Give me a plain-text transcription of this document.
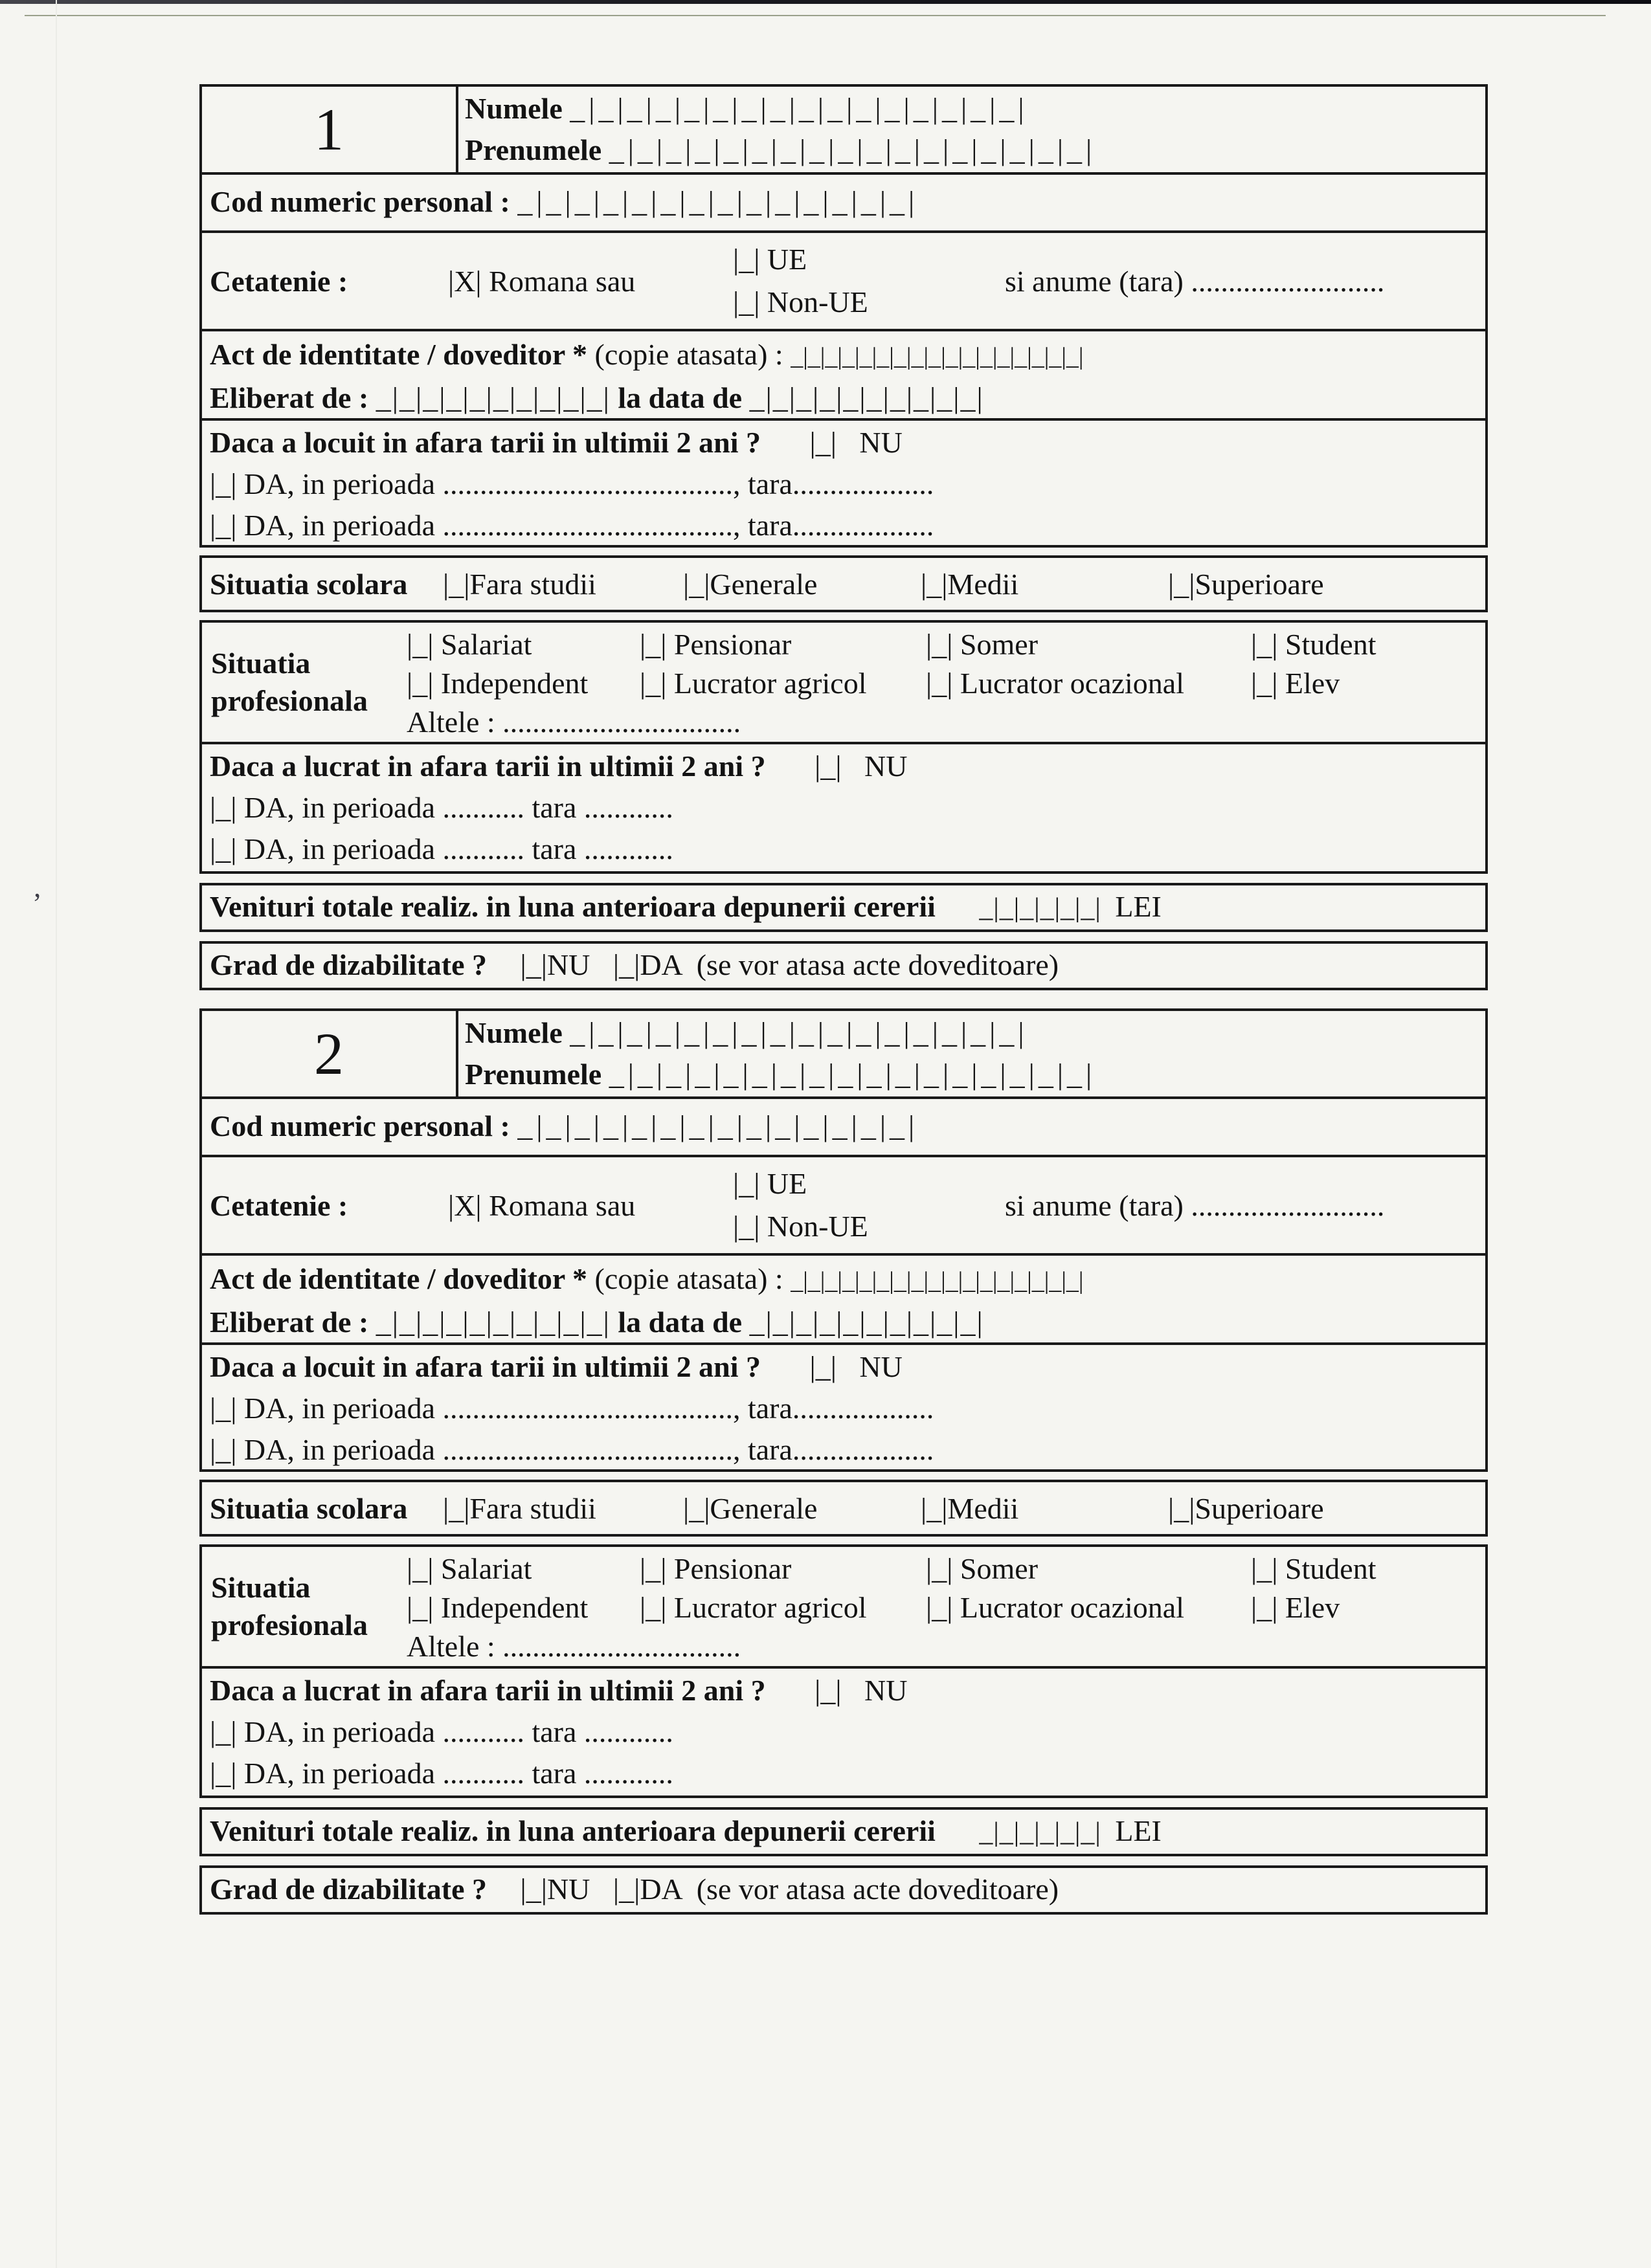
’
1	Numele _|_|_|_|_|_|_|_|_|_|_|_|_|_|_|_|
Prenumele _|_|_|_|_|_|_|_|_|_|_|_|_|_|_|_|_|
Cod numeric personal : _|_|_|_|_|_|_|_|_|_|_|_|_|_|
Cetatenie :	|X| Romana sau
|_| UE
|_| Non-UE
si anume (tara) ..........................
Act de identitate / doveditor * (copie atasata) : _|_|_|_|_|_|_|_|_|_|_|_|_|_|_|_|_|
Eliberat de : _|_|_|_|_|_|_|_|_|_| la data de _|_|_|_|_|_|_|_|_|_|
Daca a locuit in afara tarii in ultimii 2 ani ? |_| NU
|_| DA, in perioada ......................................., tara...................
|_| DA, in perioada ......................................., tara...................
Situatia scolara	|_|Fara studii	|_|Generale	|_|Medii	|_|Superioare
Situatia
profesionala
|_| Salariat	|_| Pensionar	|_| Somer	|_| Student
|_| Independent	|_| Lucrator agricol	|_| Lucrator ocazional	|_| Elev
Altele : ................................
Daca a lucrat in afara tarii in ultimii 2 ani ? |_| NU
|_| DA, in perioada ........... tara ............
|_| DA, in perioada ........... tara ............
Venituri totale realiz. in luna anterioara depunerii cererii _|_|_|_|_|_| LEI
Grad de dizabilitate ? |_|NU |_|DA (se vor atasa acte doveditoare)
2	Numele _|_|_|_|_|_|_|_|_|_|_|_|_|_|_|_|
Prenumele _|_|_|_|_|_|_|_|_|_|_|_|_|_|_|_|_|
Cod numeric personal : _|_|_|_|_|_|_|_|_|_|_|_|_|_|
Cetatenie :	|X| Romana sau
|_| UE
|_| Non-UE
si anume (tara) ..........................
Act de identitate / doveditor * (copie atasata) : _|_|_|_|_|_|_|_|_|_|_|_|_|_|_|_|_|
Eliberat de : _|_|_|_|_|_|_|_|_|_| la data de _|_|_|_|_|_|_|_|_|_|
Daca a locuit in afara tarii in ultimii 2 ani ? |_| NU
|_| DA, in perioada ......................................., tara...................
|_| DA, in perioada ......................................., tara...................
Situatia scolara	|_|Fara studii	|_|Generale	|_|Medii	|_|Superioare
Situatia
profesionala
|_| Salariat	|_| Pensionar	|_| Somer	|_| Student
|_| Independent	|_| Lucrator agricol	|_| Lucrator ocazional	|_| Elev
Altele : ................................
Daca a lucrat in afara tarii in ultimii 2 ani ? |_| NU
|_| DA, in perioada ........... tara ............
|_| DA, in perioada ........... tara ............
Venituri totale realiz. in luna anterioara depunerii cererii _|_|_|_|_|_| LEI
Grad de dizabilitate ? |_|NU |_|DA (se vor atasa acte doveditoare)
